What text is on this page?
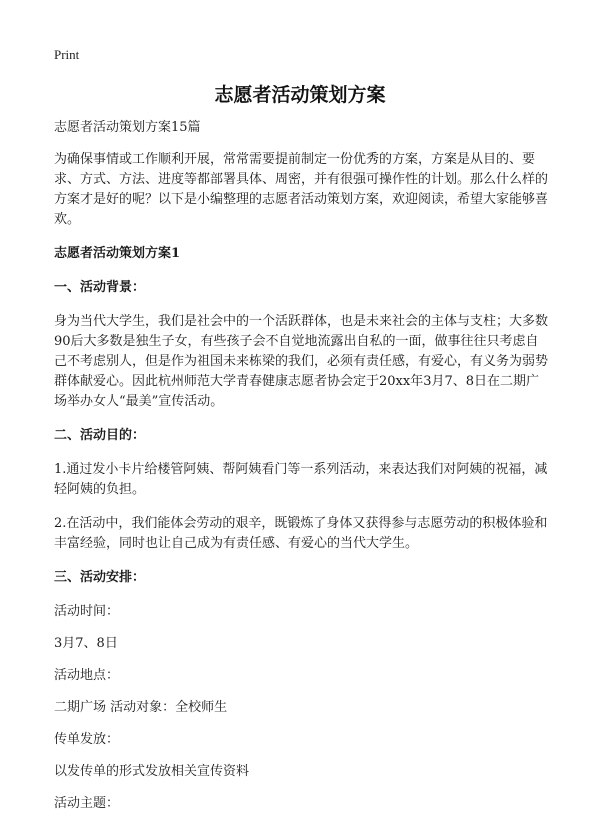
Print
志愿者活动策划方案

志愿者活动策划方案15篇

为确保事情或工作顺利开展，常常需要提前制定一份优秀的方案，方案是从目的、要求、方式、方法、进度等都部署具体、周密，并有很强可操作性的计划。那么什么样的方案才是好的呢？以下是小编整理的志愿者活动策划方案，欢迎阅读，希望大家能够喜欢。

志愿者活动策划方案1

一、活动背景：

身为当代大学生，我们是社会中的一个活跃群体，也是未来社会的主体与支柱；大多数90后大多数是独生子女，有些孩子会不自觉地流露出自私的一面，做事往往只考虑自己不考虑别人，但是作为祖国未来栋梁的我们，必须有责任感，有爱心，有义务为弱势群体献爱心。因此杭州师范大学青春健康志愿者协会定于20xx年3月7、8日在二期广场举办女人“最美”宣传活动。

二、活动目的：

1.通过发小卡片给楼管阿姨、帮阿姨看门等一系列活动，来表达我们对阿姨的祝福，减轻阿姨的负担。

2.在活动中，我们能体会劳动的艰辛，既锻炼了身体又获得参与志愿劳动的积极体验和丰富经验，同时也让自己成为有责任感、有爱心的当代大学生。

三、活动安排：

活动时间：

3月7、8日

活动地点：

二期广场 活动对象：全校师生

传单发放：

以发传单的形式发放相关宣传资料

活动主题：
